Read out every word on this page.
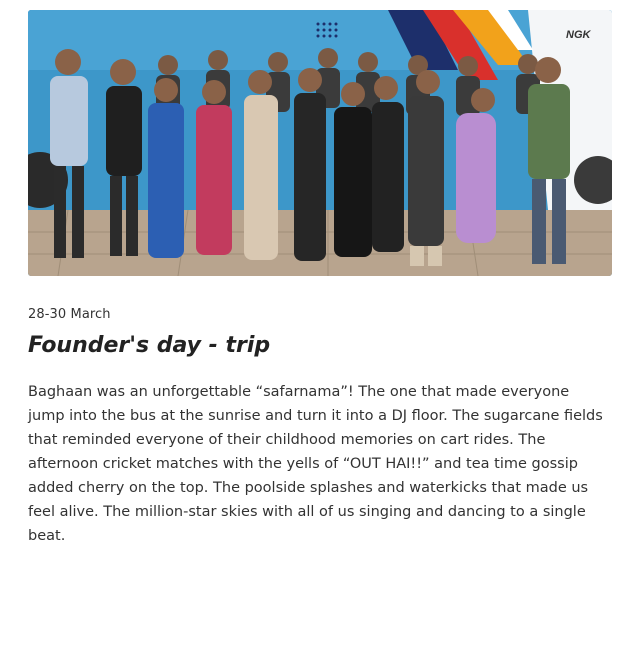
NGK
28-30 March
Founder's day - trip

Baghaan was an unforgettable “safarnama”! The one that made everyone jump into the bus at the sunrise and turn it into a DJ floor. The sugarcane fields that reminded everyone of their childhood memories on cart rides. The afternoon cricket matches with the yells of “OUT HAI!!” and tea time gossip added cherry on the top. The poolside splashes and waterkicks that made us feel alive. The million-star skies with all of us singing and dancing to a single beat.
